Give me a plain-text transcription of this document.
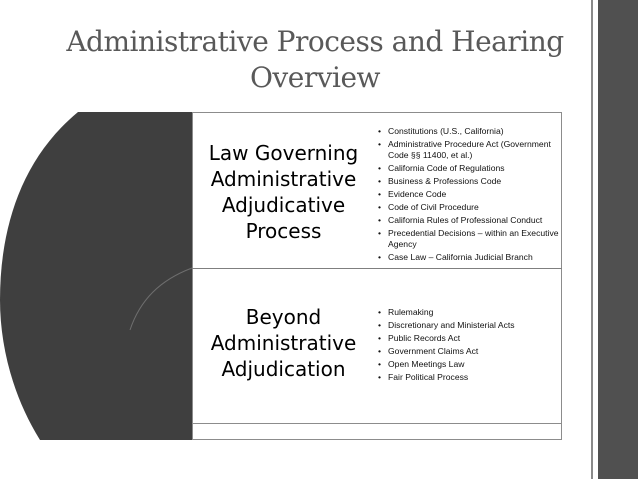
Administrative Process and Hearing
Overview
Law Governing
Administrative
Adjudicative
Process
• Constitutions (U.S., California)
• Administrative Procedure Act (Government Code §§ 11400, et al.)
• California Code of Regulations
• Business & Professions Code
• Evidence Code
• Code of Civil Procedure
• California Rules of Professional Conduct
• Precedential Decisions – within an Executive Agency
• Case Law – California Judicial Branch
Beyond
Administrative
Adjudication
• Rulemaking
• Discretionary and Ministerial Acts
• Public Records Act
• Government Claims Act
• Open Meetings Law
• Fair Political Process
